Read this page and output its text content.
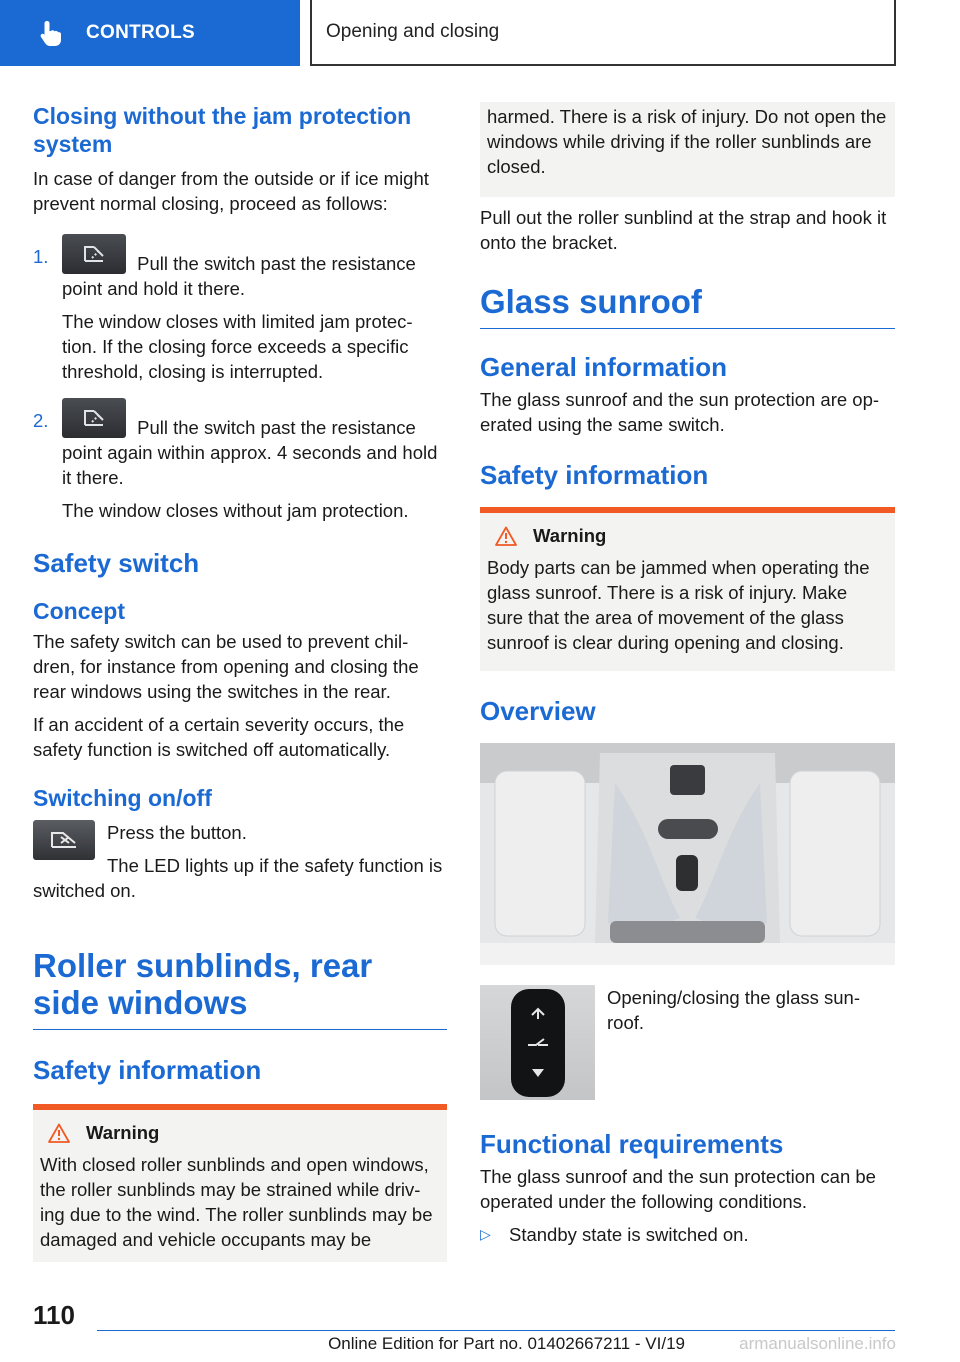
CONTROLS	Opening and closing
Closing without the jam protection system
In case of danger from the outside or if ice might prevent normal closing, proceed as follows:
1.	Pull the switch past the resistance point and hold it there.
The window closes with limited jam protec- tion. If the closing force exceeds a specific threshold, closing is interrupted.
2.	Pull the switch past the resistance point again within approx. 4 seconds and hold it there.
The window closes without jam protection.
Safety switch
Concept
The safety switch can be used to prevent chil- dren, for instance from opening and closing the rear windows using the switches in the rear.
If an accident of a certain severity occurs, the safety function is switched off automatically.
Switching on/off
Press the button.
The LED lights up if the safety function is switched on.
Roller sunblinds, rear side windows
Safety information
Warning
With closed roller sunblinds and open windows, the roller sunblinds may be strained while driv- ing due to the wind. The roller sunblinds may be damaged and vehicle occupants may be
harmed. There is a risk of injury. Do not open the windows while driving if the roller sunblinds are closed.
Pull out the roller sunblind at the strap and hook it onto the bracket.
Glass sunroof
General information
The glass sunroof and the sun protection are op- erated using the same switch.
Safety information
Warning
Body parts can be jammed when operating the glass sunroof. There is a risk of injury. Make sure that the area of movement of the glass sunroof is clear during opening and closing.
Overview
Opening/closing the glass sun- roof.
Functional requirements
The glass sunroof and the sun protection can be operated under the following conditions.
▷ Standby state is switched on.
110
Online Edition for Part no. 01402667211 - VI/19	armanualsonline.info
